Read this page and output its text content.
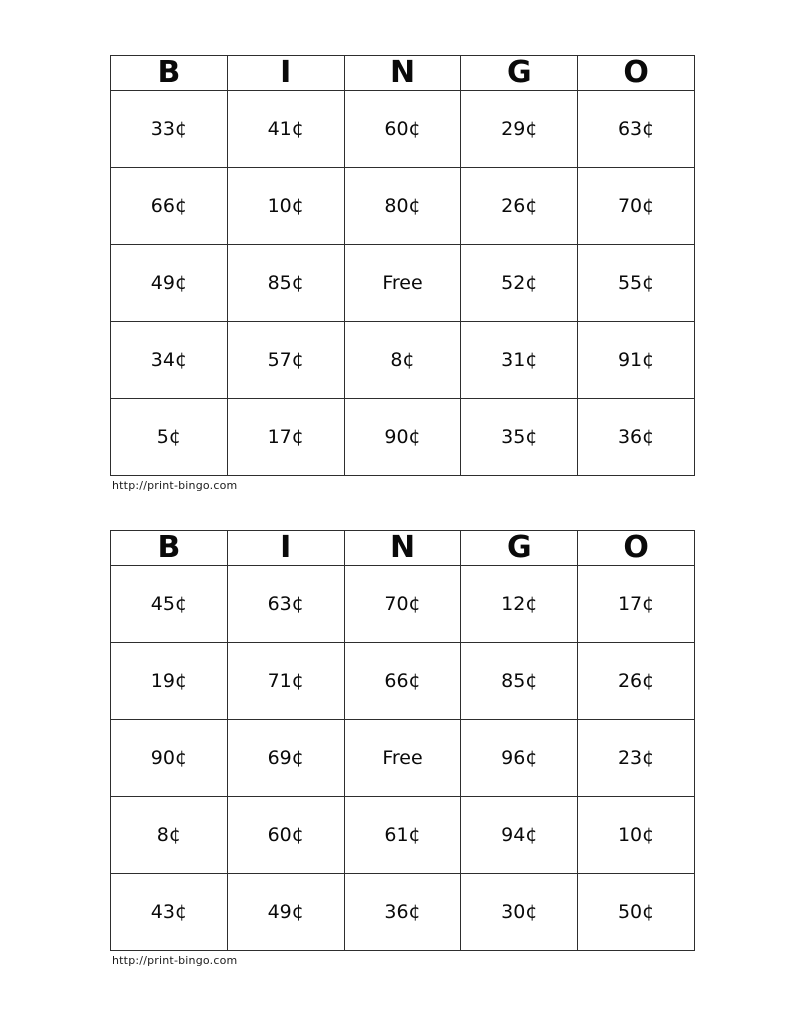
B	I	N	G	O
33¢	41¢	60¢	29¢	63¢
66¢	10¢	80¢	26¢	70¢
49¢	85¢	Free	52¢	55¢
34¢	57¢	8¢	31¢	91¢
5¢	17¢	90¢	35¢	36¢
http://print-bingo.com
B	I	N	G	O
45¢	63¢	70¢	12¢	17¢
19¢	71¢	66¢	85¢	26¢
90¢	69¢	Free	96¢	23¢
8¢	60¢	61¢	94¢	10¢
43¢	49¢	36¢	30¢	50¢
http://print-bingo.com
